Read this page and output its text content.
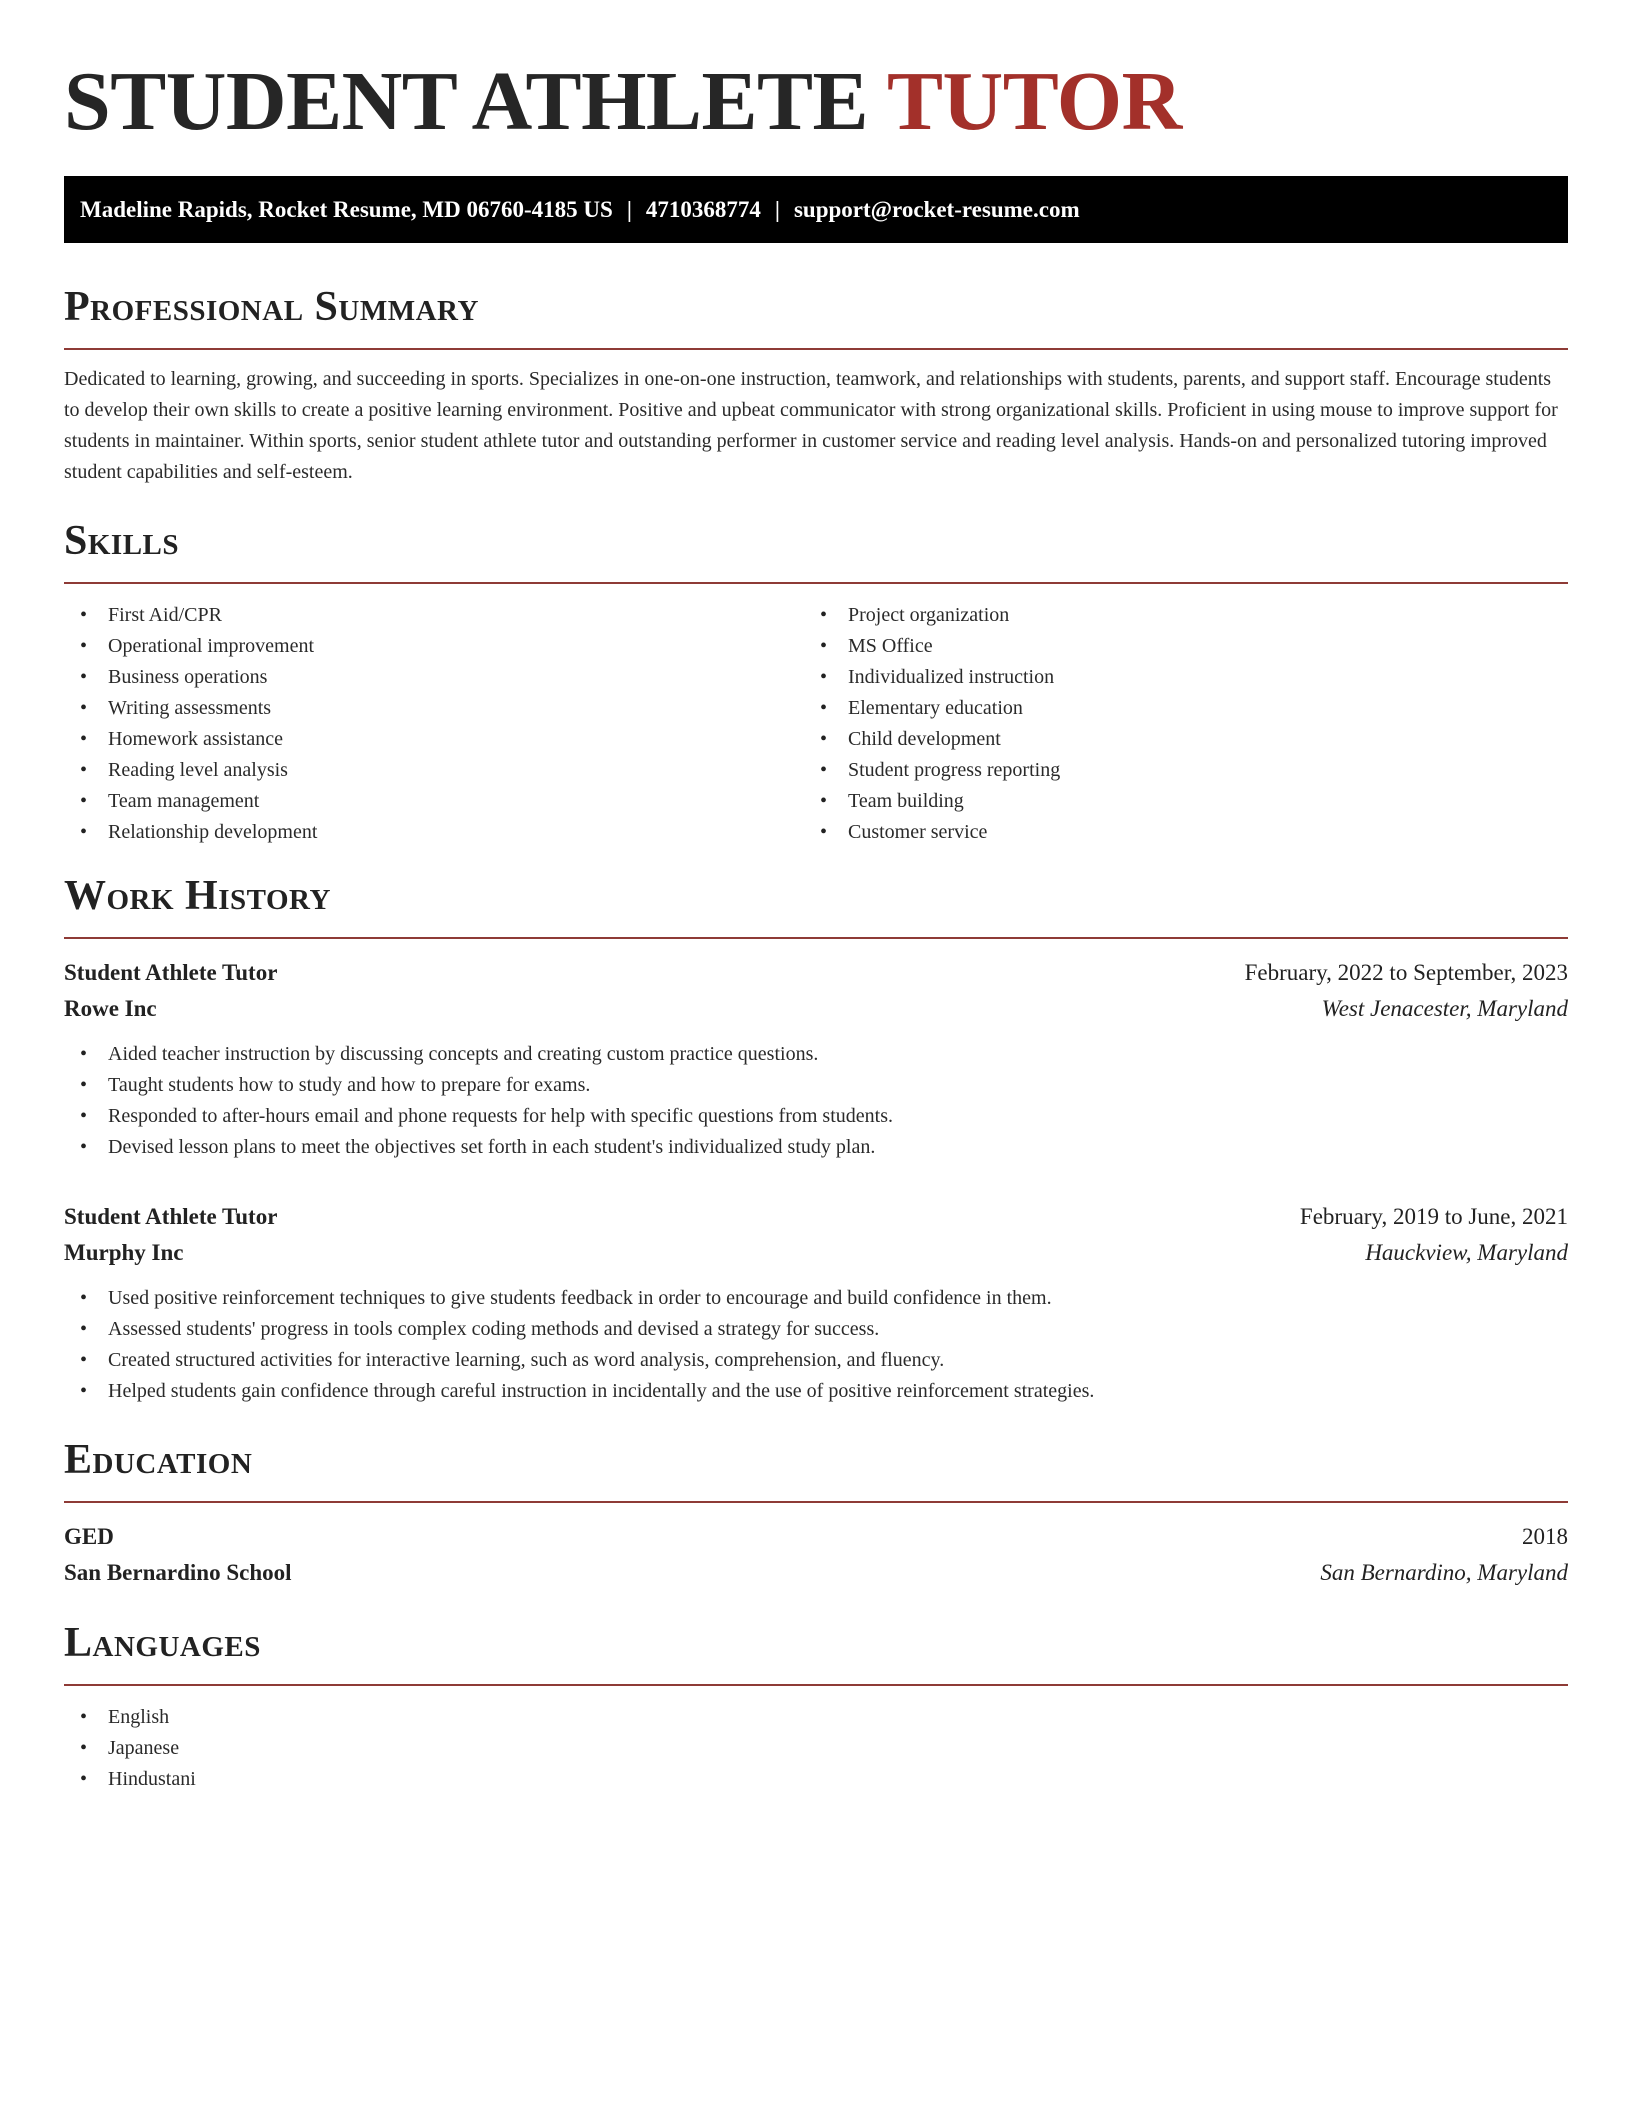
STUDENT ATHLETE TUTOR
Madeline Rapids, Rocket Resume, MD 06760-4185 US | 4710368774 | support@rocket-resume.com
Professional Summary

Dedicated to learning, growing, and succeeding in sports. Specializes in one-on-one instruction, teamwork, and relationships with students, parents, and support staff. Encourage students to develop their own skills to create a positive learning environment. Positive and upbeat communicator with strong organizational skills. Proficient in using mouse to improve support for students in maintainer. Within sports, senior student athlete tutor and outstanding performer in customer service and reading level analysis. Hands-on and personalized tutoring improved student capabilities and self-esteem.

Skills
• First Aid/CPR
• Operational improvement
• Business operations
• Writing assessments
• Homework assistance
• Reading level analysis
• Team management
• Relationship development
• Project organization
• MS Office
• Individualized instruction
• Elementary education
• Child development
• Student progress reporting
• Team building
• Customer service
Work History
Student Athlete Tutor	February, 2022 to September, 2023
Rowe Inc	West Jenacester, Maryland
• Aided teacher instruction by discussing concepts and creating custom practice questions.
• Taught students how to study and how to prepare for exams.
• Responded to after-hours email and phone requests for help with specific questions from students.
• Devised lesson plans to meet the objectives set forth in each student's individualized study plan.
Student Athlete Tutor	February, 2019 to June, 2021
Murphy Inc	Hauckview, Maryland
• Used positive reinforcement techniques to give students feedback in order to encourage and build confidence in them.
• Assessed students' progress in tools complex coding methods and devised a strategy for success.
• Created structured activities for interactive learning, such as word analysis, comprehension, and fluency.
• Helped students gain confidence through careful instruction in incidentally and the use of positive reinforcement strategies.
Education
GED	2018
San Bernardino School	San Bernardino, Maryland
Languages
• English
• Japanese
• Hindustani
